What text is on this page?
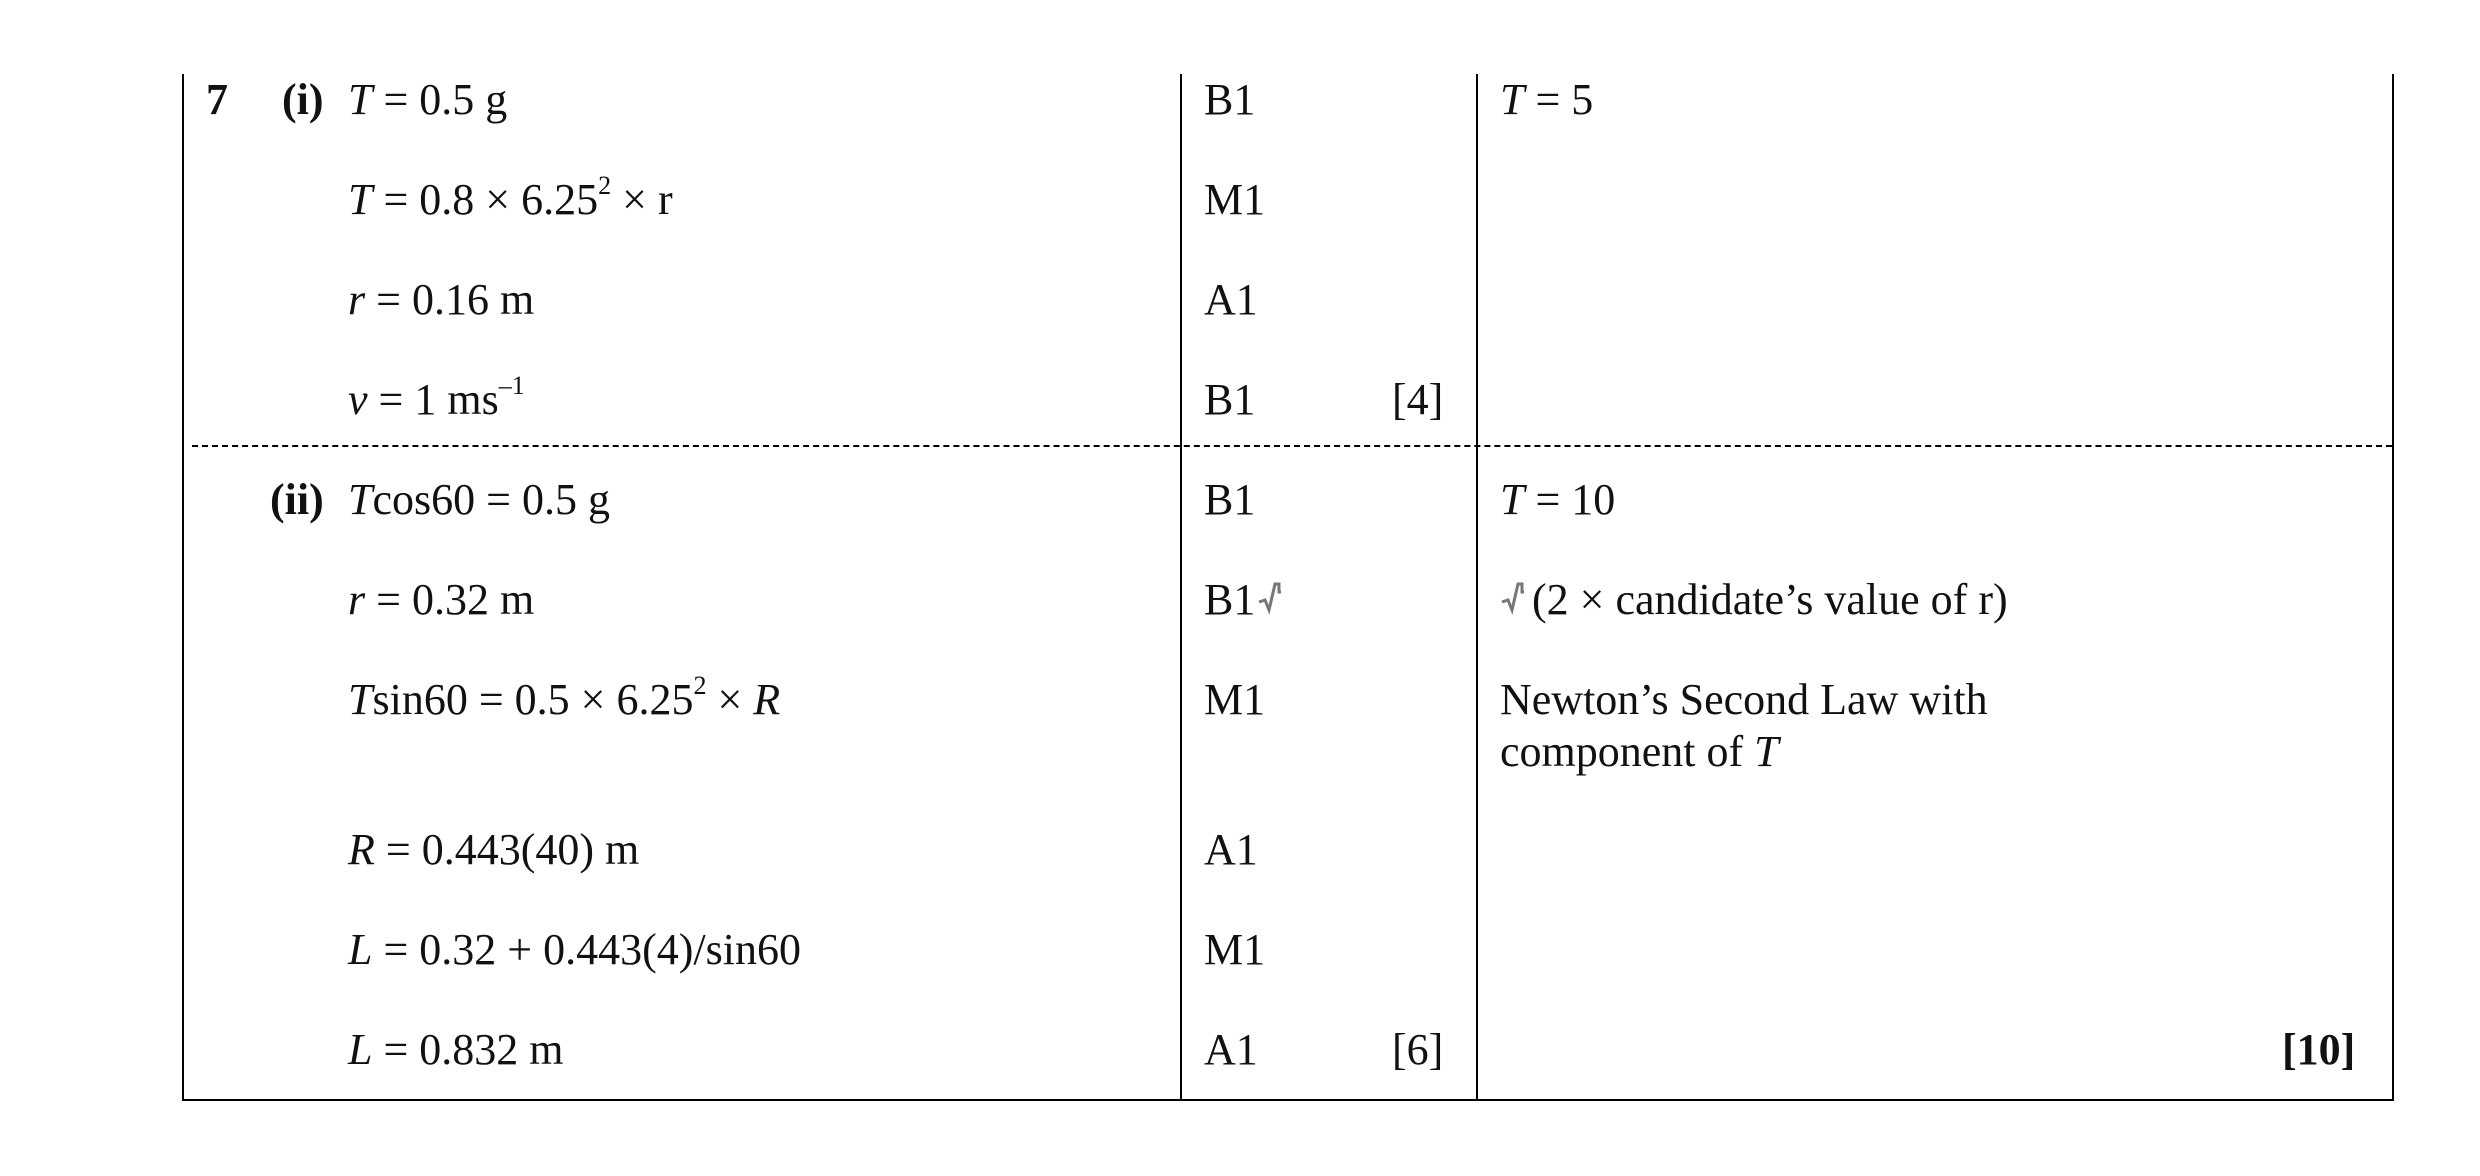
7 (i) T = 0.5 g	B1	T = 5
$T = 0.8 \times 6.25^2 \times r$	M1
r = 0.16 m	A1
v = 1 $ms^{-1}$	B1	[4]
(ii) Tcos60 = 0.5 g	B1	T = 10
r = 0.32 m	B1	(2 × candidate’s value of r)
$Tsin60 = 0.5 \times 6.25^2 \times R$	M1	Newton’s Second Law with
component of T
R = 0.443(40) m	A1
L = 0.32 + 0.443(4)/sin60	M1
L = 0.832 m	A1	[6]	[10]
